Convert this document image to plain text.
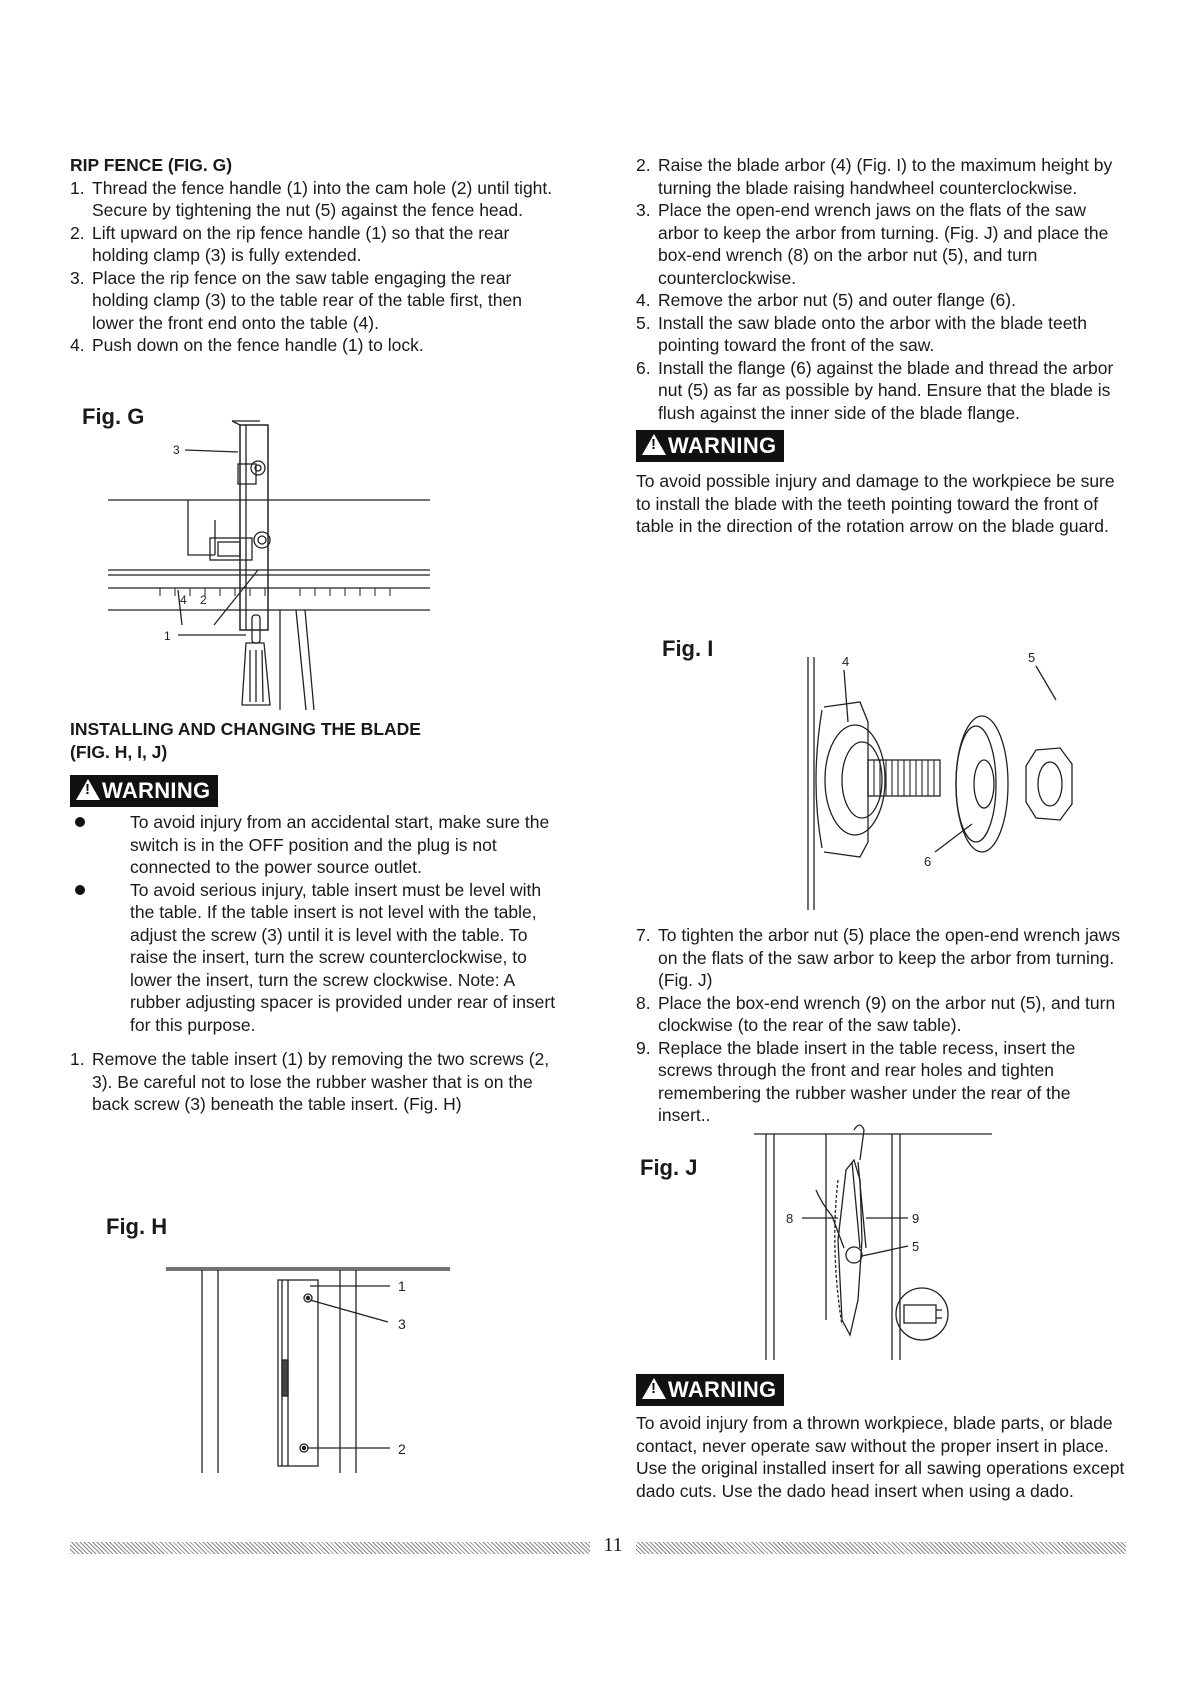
RIP FENCE (FIG. G)

1. Thread the fence handle (1) into the cam hole (2) until tight. Secure by tightening the nut (5) against the fence head.
2. Lift upward on the rip fence handle (1) so that the rear holding clamp (3) is fully extended.
3. Place the rip fence on the saw table engaging the rear holding clamp (3) to the table rear of the table first, then lower the front end onto the table (4).
4. Push down on the fence handle (1) to lock.
Fig. G
3
4 2
1

INSTALLING AND CHANGING THE BLADE

(FIG. H, I, J)

!WARNING
To avoid injury from an accidental start, make sure the switch is in the OFF position and the plug is not connected to the power source outlet.
To avoid serious injury, table insert must be level with the table. If the table insert is not level with the table, adjust the screw (3) until it is level with the table. To raise the insert, turn the screw counterclockwise, to lower the insert, turn the screw clockwise. Note: A rubber adjusting spacer is provided under rear of insert for this purpose.
1. Remove the table insert (1) by removing the two screws (2, 3). Be careful not to lose the rubber washer that is on the back screw (3) beneath the table insert. (Fig. H)
Fig. H
1
3
2
2. Raise the blade arbor (4) (Fig. I) to the maximum height by turning the blade raising handwheel counterclockwise.
3. Place the open-end wrench jaws on the flats of the saw arbor to keep the arbor from turning. (Fig. J) and place the box-end wrench (8) on the arbor nut (5), and turn counterclockwise.
4. Remove the arbor nut (5) and outer flange (6).
5. Install the saw blade onto the arbor with the blade teeth pointing toward the front of the saw.
6. Install the flange (6) against the blade and thread the arbor nut (5) as far as possible by hand. Ensure that the blade is flush against the inner side of the blade flange.
!WARNING

To avoid possible injury and damage to the workpiece be sure to install the blade with the teeth pointing toward the front of table in the direction of the rotation arrow on the blade guard.

Fig. I
4	5
6
7. To tighten the arbor nut (5) place the open-end wrench jaws on the flats of the saw arbor to keep the arbor from turning. (Fig. J)
8. Place the box-end wrench (9) on the arbor nut (5), and turn clockwise (to the rear of the saw table).
9. Replace the blade insert in the table recess, insert the screws through the front and rear holes and tighten remembering the rubber washer under the rear of the insert..
Fig. J
8	9
5
!WARNING

To avoid injury from a thrown workpiece, blade parts, or blade contact, never operate saw without the proper insert in place. Use the original installed insert for all sawing operations except dado cuts. Use the dado head insert when using a dado.

11
